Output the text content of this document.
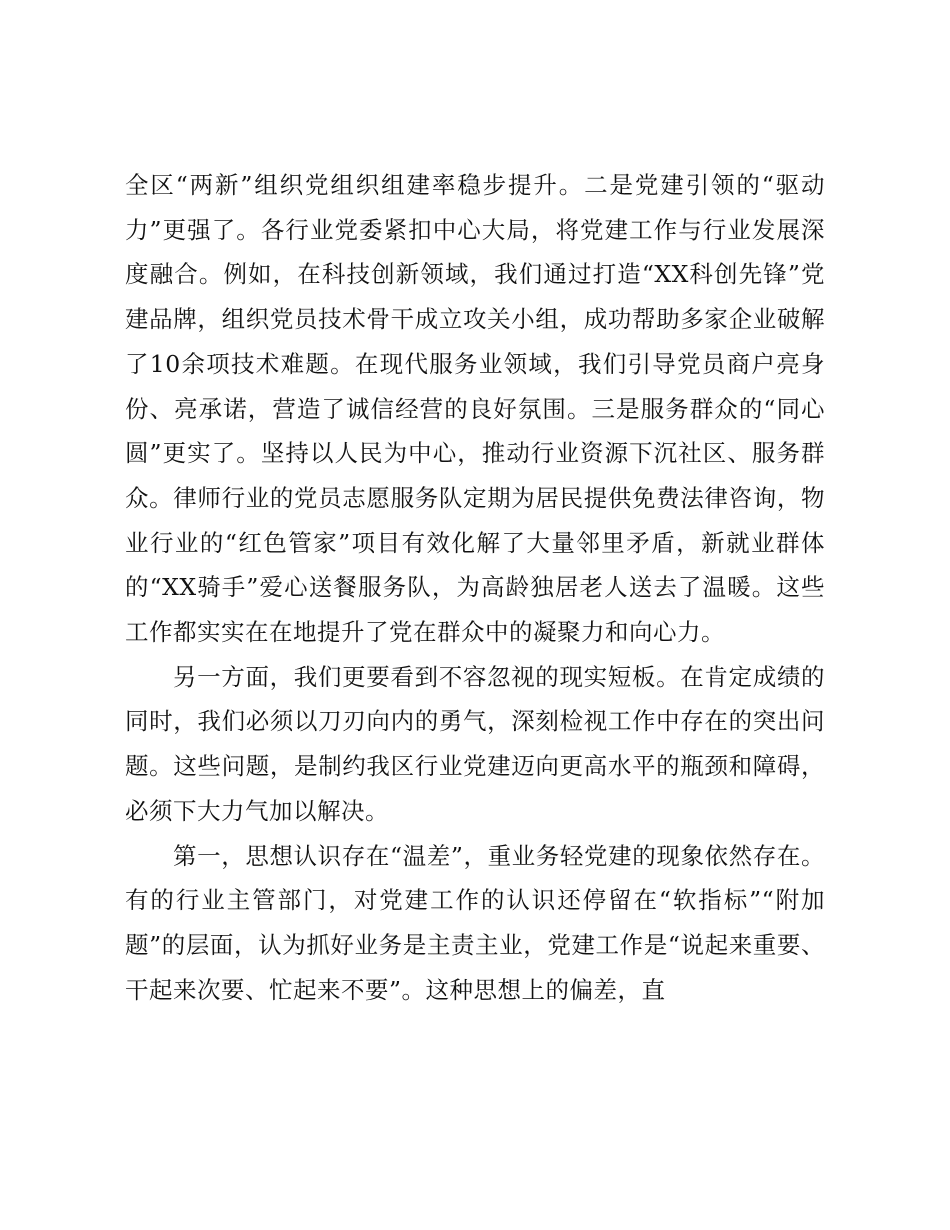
全区“两新”组织党组织组建率稳步提升。二是党建引领的“驱动力”更强了。各行业党委紧扣中心大局，将党建工作与行业发展深度融合。例如，在科技创新领域，我们通过打造“XX科创先锋”党建品牌，组织党员技术骨干成立攻关小组，成功帮助多家企业破解了10余项技术难题。在现代服务业领域，我们引导党员商户亮身份、亮承诺，营造了诚信经营的良好氛围。三是服务群众的“同心圆”更实了。坚持以人民为中心，推动行业资源下沉社区、服务群众。律师行业的党员志愿服务队定期为居民提供免费法律咨询，物业行业的“红色管家”项目有效化解了大量邻里矛盾，新就业群体的“XX骑手”爱心送餐服务队，为高龄独居老人送去了温暖。这些工作都实实在在地提升了党在群众中的凝聚力和向心力。

另一方面，我们更要看到不容忽视的现实短板。在肯定成绩的同时，我们必须以刀刃向内的勇气，深刻检视工作中存在的突出问题。这些问题，是制约我区行业党建迈向更高水平的瓶颈和障碍，必须下大力气加以解决。

第一，思想认识存在“温差”，重业务轻党建的现象依然存在。有的行业主管部门，对党建工作的认识还停留在“软指标”“附加题”的层面，认为抓好业务是主责主业，党建工作是“说起来重要、干起来次要、忙起来不要”。这种思想上的偏差，直
